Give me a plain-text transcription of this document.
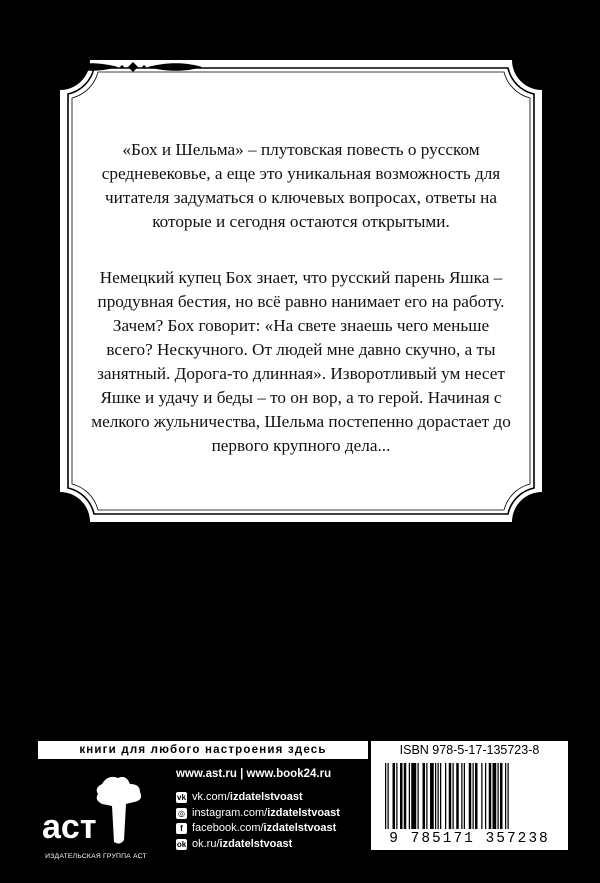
«Бох и Шельма» – плутовская повесть о русском
средневековье, а еще это уникальная возможность для
читателя задуматься о ключевых вопросах, ответы на
которые и сегодня остаются открытыми.
Немецкий купец Бох знает, что русский парень Яшка –
продувная бестия, но всё равно нанимает его на работу.
Зачем? Бох говорит: «На свете знаешь чего меньше
всего? Нескучного. От людей мне давно скучно, а ты
занятный. Дорога-то длинная». Изворотливый ум несет
Яшке и удачу и беды – то он вор, а то герой. Начиная с
мелкого жульничества, Шельма постепенно дорастает до
первого крупного дела...
книги для любого настроения здесь
аст
ИЗДАТЕЛЬСКАЯ ГРУППА АСТ
www.ast.ru | www.book24.ru
vk vk.com/ izdatelstvoast
◎ instagram.com/ izdatelstvoast
f facebook.com/ izdatelstvoast
ok ok.ru/ izdatelstvoast
ISBN 978-5-17-135723-8
9 785171 357238
